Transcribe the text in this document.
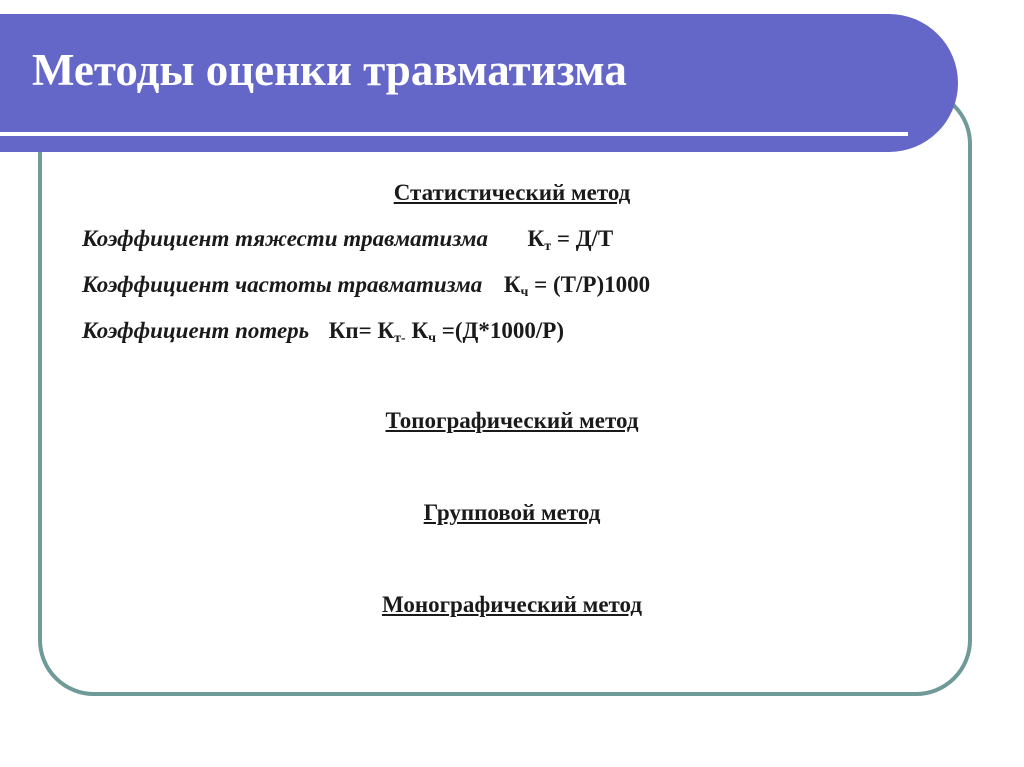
Методы оценки травматизма
Статистический метод
Коэффициент тяжести травматизма $К_т = Д/Т$
Коэффициент частоты травматизма $К_ч = (Т/Р)1000$
Коэффициент потерь $Кп= К_{т-}$ $К_ч =(Д*1000/Р)$
Топографический метод
Групповой метод
Монографический метод
